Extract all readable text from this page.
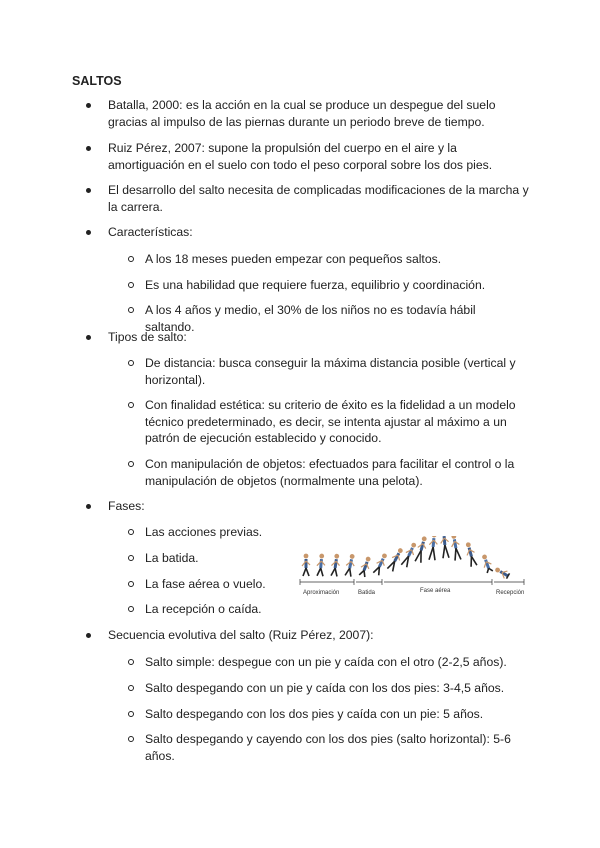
SALTOS
Batalla, 2000: es la acción en la cual se produce un despegue del suelo gracias al impulso de las piernas durante un periodo breve de tiempo.
Ruiz Pérez, 2007: supone la propulsión del cuerpo en el aire y la amortiguación en el suelo con todo el peso corporal sobre los dos pies.
El desarrollo del salto necesita de complicadas modificaciones de la marcha y la carrera.
Características:
A los 18 meses pueden empezar con pequeños saltos.
Es una habilidad que requiere fuerza, equilibrio y coordinación.
A los 4 años y medio, el 30% de los niños no es todavía hábil saltando.
Tipos de salto:
De distancia: busca conseguir la máxima distancia posible (vertical y horizontal).
Con finalidad estética: su criterio de éxito es la fidelidad a un modelo técnico predeterminado, es decir, se intenta ajustar al máximo a un patrón de ejecución establecido y conocido.
Con manipulación de objetos: efectuados para facilitar el control o la manipulación de objetos (normalmente una pelota).
Fases:
Las acciones previas.
La batida.
La fase aérea o vuelo.
La recepción o caída.
Aproximación	Batida	Fase aérea	Recepción
Secuencia evolutiva del salto (Ruiz Pérez, 2007):
Salto simple: despegue con un pie y caída con el otro (2-2,5 años).
Salto despegando con un pie y caída con los dos pies: 3-4,5 años.
Salto despegando con los dos pies y caída con un pie: 5 años.
Salto despegando y cayendo con los dos pies (salto horizontal): 5-6 años.
